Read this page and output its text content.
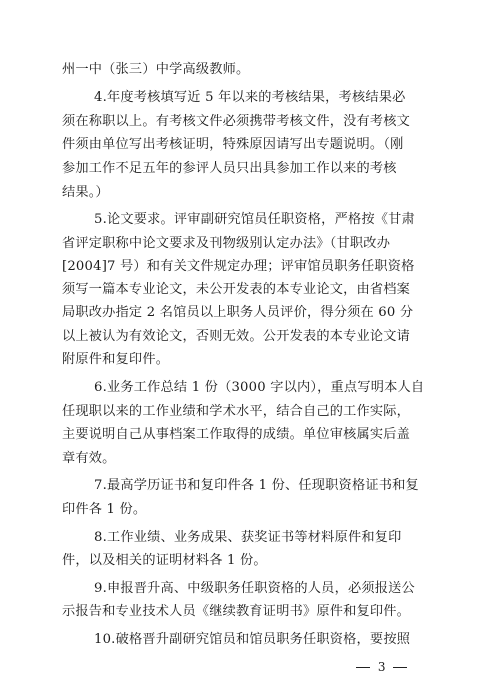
州一中（张三）中学高级教师。
4.年度考核填写近 5 年以来的考核结果，考核结果必
须在称职以上。有考核文件必须携带考核文件，没有考核文
件须由单位写出考核证明，特殊原因请写出专题说明。（刚
参加工作不足五年的参评人员只出具参加工作以来的考核
结果。）
5.论文要求。评审副研究馆员任职资格，严格按《甘肃
省评定职称中论文要求及刊物级别认定办法》（甘职改办
[2004]7 号）和有关文件规定办理；评审馆员职务任职资格
须写一篇本专业论文，未公开发表的本专业论文，由省档案
局职改办指定 2 名馆员以上职务人员评价，得分须在 60 分
以上被认为有效论文，否则无效。公开发表的本专业论文请
附原件和复印件。
6.业务工作总结 1 份（3000 字以内），重点写明本人自
任现职以来的工作业绩和学术水平，结合自己的工作实际，
主要说明自己从事档案工作取得的成绩。单位审核属实后盖
章有效。
7.最高学历证书和复印件各 1 份、任现职资格证书和复
印件各 1 份。
8.工作业绩、业务成果、获奖证书等材料原件和复印
件，以及相关的证明材料各 1 份。
9.申报晋升高、中级职务任职资格的人员，必须报送公
示报告和专业技术人员《继续教育证明书》原件和复印件。
10.破格晋升副研究馆员和馆员职务任职资格，要按照
3
